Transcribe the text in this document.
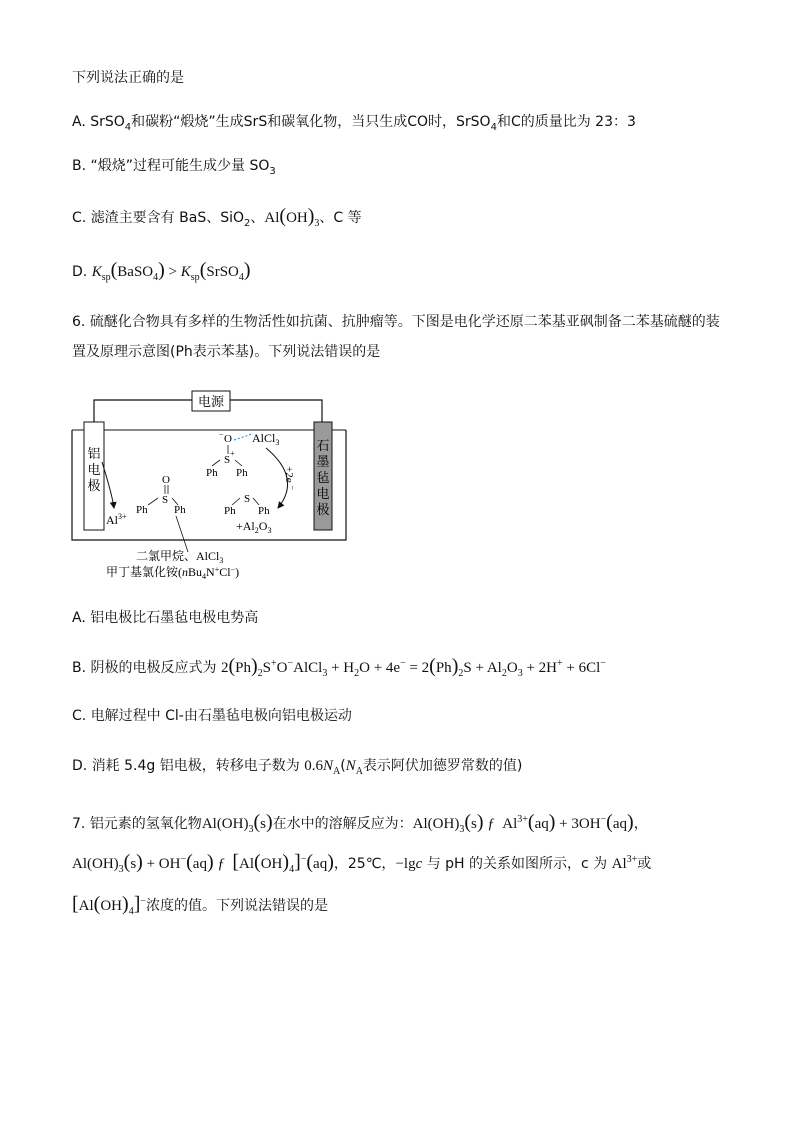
下列说法正确的是
A. SrSO$_4$和碳粉“煅烧”生成SrS和碳氧化物，当只生成CO时，SrSO$_4$和C的质量比为 23：3
B. “煅烧”过程可能生成少量 $SO_3$
C. 滤渣主要含有 BaS、SiO$_2$、$Al(OH)_3$、C 等
D. $K_{sp}(BaSO_4)$ > $K_{sp}(SrSO_4)$
6. 硫醚化合物具有多样的生物活性如抗菌、抗肿瘤等。下图是电化学还原二苯基亚砜制备二苯基硫醚的装
置及原理示意图(Ph表示苯基)。下列说法错误的是
电源
铝
电
极
石
墨
毡
电
极
$Al^{3+}$
O
S
Ph Ph
O
− AlCl$_3$
S
+
Ph Ph	+2e −
S
Ph Ph
$+Al_2O_3$
二氯甲烷、AlCl$_3$
甲丁基氯化铵(nBu$_4$N+Cl−)
A. 铝电极比石墨毡电极电势高
B. 阴极的电极反应式为 $2(Ph)_2S^+O^-AlCl_3 + H_2O + 4e^- = 2(Ph)_2S + Al_2O_3 + 2H^+ + 6Cl^-$
C. 电解过程中 Cl-由石墨毡电极向铝电极运动
D. 消耗 5.4g 铝电极，转移电子数为 $0.6N_A(N_A$表示阿伏加德罗常数的值)
7. 铝元素的氢氧化物$Al(OH)_3(s)$在水中的溶解反应为：$Al(OH)_3(s)$ ƒ  $Al^{3+}(aq) + 3OH^-(aq)$，
$Al(OH)_3(s) + OH^-(aq)$ ƒ $[Al(OH)_4]^-(aq)$，25℃，−lgc 与 pH 的关系如图所示，c 为 $Al^{3+}$或
$[Al(OH)_4]^-$浓度的值。下列说法错误的是
